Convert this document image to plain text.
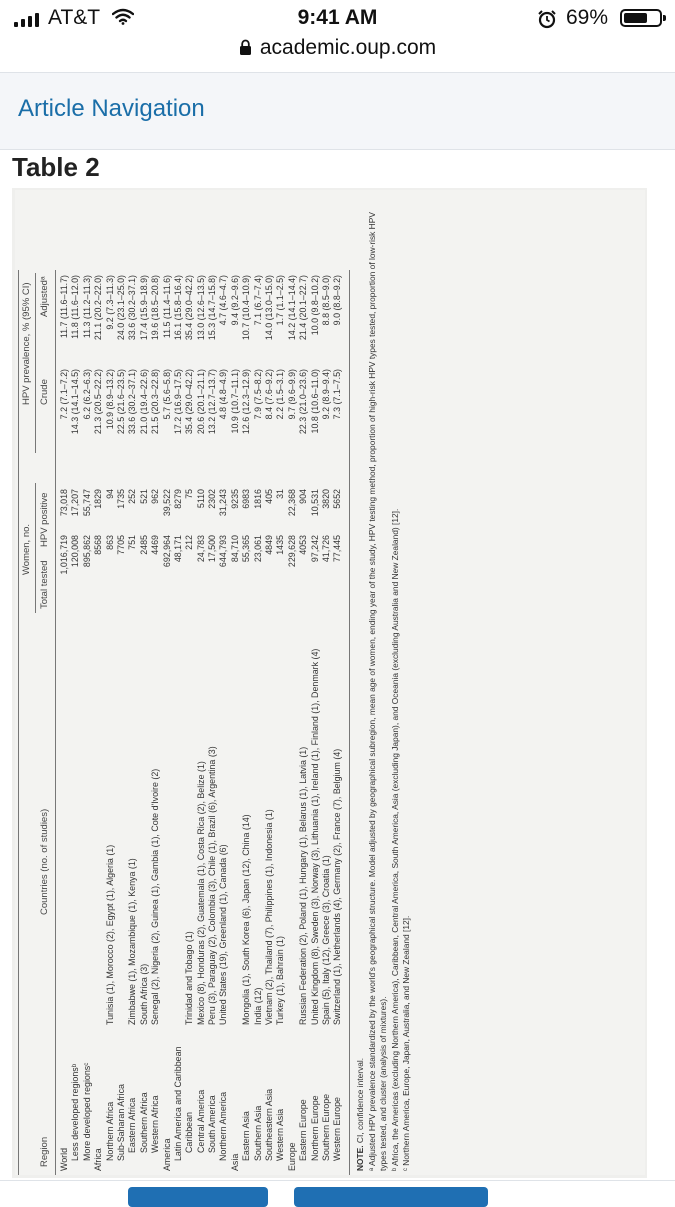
AT&T	9:41 AM	69%
academic.oup.com
Article Navigation
Table 2
Women, no.
HPV prevalence, % (95% CI)
Region
Countries (no. of studies)
Total tested
HPV positive
Crude
Adjustedᵃ
World
1,016,719
73,018
7.2 (7.1–7.2)
11.7 (11.6–11.7)
Less developed regionsᵇ
120,008
17,207
14.3 (14.1–14.5)
11.8 (11.6–12.0)
More developed regionsᶜ
895,862
55,747
6.2 (6.2–6.3)
11.3 (11.2–11.3)
Africa
8568
1829
21.3 (20.5–22.2)
21.1 (20.2–22.0)
Northern Africa
Tunisia (1), Morocco (2), Egypt (1), Algeria (1)
863
94
10.9 (8.9–13.2)
9.2 (7.3–11.3)
Sub-Saharan Africa
7705
1735
22.5 (21.6–23.5)
24.0 (23.1–25.0)
Eastern Africa
Zimbabwe (1), Mozambique (1), Kenya (1)
751
252
33.6 (30.2–37.1)
33.6 (30.2–37.1)
Southern Africa
South Africa (3)
2485
521
21.0 (19.4–22.6)
17.4 (15.9–18.9)
Western Africa
Senegal (2), Nigeria (2), Guinea (1), Gambia (1), Cote d'Ivoire (2)
4469
962
21.5 (20.3–22.8)
19.6 (18.5–20.8)
America
692,964
39,522
5.7 (5.6–5.8)
11.5 (11.4–11.6)
Latin America and Caribbean
48,171
8279
17.2 (16.9–17.5)
16.1 (15.8–16.4)
Caribbean
Trinidad and Tobago (1)
212
75
35.4 (29.0–42.2)
35.4 (29.0–42.2)
Central America
Mexico (8), Honduras (2), Guatemala (1), Costa Rica (2), Belize (1)
24,783
5110
20.6 (20.1–21.1)
13.0 (12.6–13.5)
South America
Peru (3), Paraguay (2), Colombia (3), Chile (1), Brazil (6), Argentina (3)
17,500
2302
13.2 (12.7–13.7)
15.3 (14.7–15.8)
Northern America
United States (19), Greenland (1), Canada (6)
644,793
31,243
4.8 (4.8–4.9)
4.7 (4.6–4.7)
Asia
84,710
9235
10.9 (10.7–11.1)
9.4 (9.2–9.6)
Eastern Asia
Mongolia (1), South Korea (6), Japan (12), China (14)
55,365
6983
12.6 (12.3–12.9)
10.7 (10.4–10.9)
Southern Asia
India (12)
23,061
1816
7.9 (7.5–8.2)
7.1 (6.7–7.4)
Southeastern Asia
Vietnam (2), Thailand (7), Philippines (1), Indonesia (1)
4849
405
8.4 (7.6–9.2)
14.0 (13.0–15.0)
Western Asia
Turkey (1), Bahrain (1)
1435
31
2.2 (1.5–3.1)
1.7 (1.1–2.5)
Europe
229,628
22,368
9.7 (9.6–9.9)
14.2 (14.1–14.4)
Eastern Europe
Russian Federation (2), Poland (1), Hungary (1), Belarus (1), Latvia (1)
4053
904
22.3 (21.0–23.6)
21.4 (20.1–22.7)
Northern Europe
United Kingdom (8), Sweden (3), Norway (3), Lithuania (1), Ireland (1), Finland (1), Denmark (4)
97,242
10,531
10.8 (10.6–11.0)
10.0 (9.8–10.2)
Southern Europe
Spain (5), Italy (12), Greece (3), Croatia (1)
41,726
3820
9.2 (8.9–9.4)
8.8 (8.5–9.0)
Western Europe
Switzerland (1), Netherlands (4), Germany (2), France (7), Belgium (4)
77,445
5652
7.3 (7.1–7.5)
9.0 (8.8–9.2)
NOTE. CI, confidence interval. ᵃ Adjusted HPV prevalence standardized by the world's geographical structure. Model adjusted by geographical subregion, mean age of women, ending year of the study, HPV testing method, proportion of high-risk HPV types tested, proportion of low-risk HPV types tested, and cluster (analysis of mixtures). ᵇ Africa, the Americas (excluding Northern America), Caribbean, Central America, South America, Asia (excluding Japan), and Oceania (excluding Australia and New Zealand) [12]. ᶜ Northern America, Europe, Japan, Australia, and New Zealand [12].
